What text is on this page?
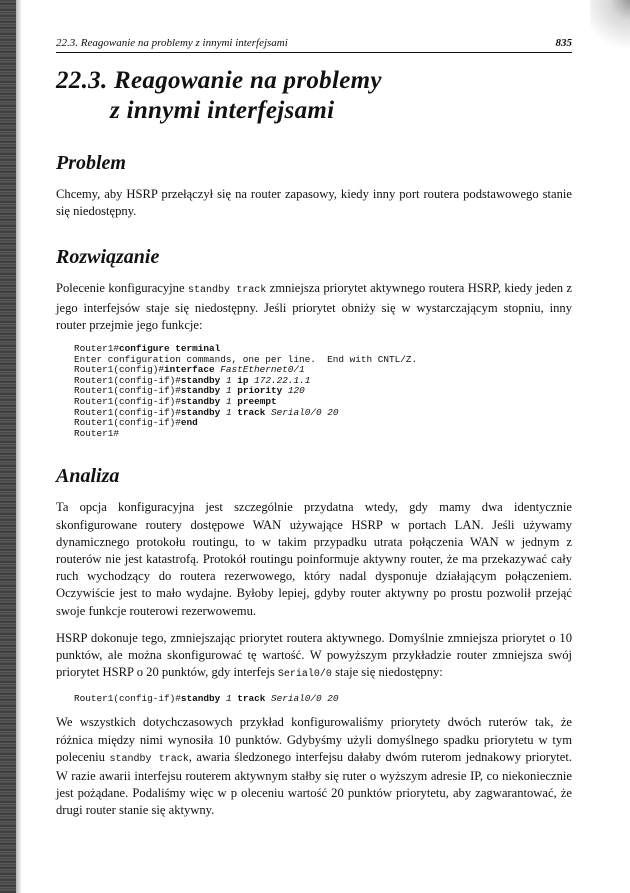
22.3. Reagowanie na problemy z innymi interfejsami	835
22.3. Reagowanie na problemy
z innymi interfejsami
Problem

Chcemy, aby HSRP przełączył się na router zapasowy, kiedy inny port routera podstawowego stanie się niedostępny.

Rozwiązanie

Polecenie konfiguracyjne standby track zmniejsza priorytet aktywnego routera HSRP, kiedy jeden z jego interfejsów staje się niedostępny. Jeśli priorytet obniży się w wystarczającym stopniu, inny router przejmie jego funkcje:

Router1#configure terminal
Enter configuration commands, one per line.  End with CNTL/Z.
Router1(config)#interface FastEthernet0/1
Router1(config-if)#standby 1 ip 172.22.1.1
Router1(config-if)#standby 1 priority 120
Router1(config-if)#standby 1 preempt
Router1(config-if)#standby 1 track Serial0/0 20
Router1(config-if)#end
Router1#
Analiza

Ta opcja konfiguracyjna jest szczególnie przydatna wtedy, gdy mamy dwa identycznie skonfigurowane routery dostępowe WAN używające HSRP w portach LAN. Jeśli używamy dynamicznego protokołu routingu, to w takim przypadku utrata połączenia WAN w jednym z routerów nie jest katastrofą. Protokół routingu poinformuje aktywny router, że ma przekazywać cały ruch wychodzący do routera rezerwowego, który nadal dysponuje działającym połączeniem. Oczywiście jest to mało wydajne. Byłoby lepiej, gdyby router aktywny po prostu pozwolił przejąć swoje funkcje routerowi rezerwowemu.

HSRP dokonuje tego, zmniejszając priorytet routera aktywnego. Domyślnie zmniejsza priorytet o 10 punktów, ale można skonfigurować tę wartość. W powyższym przykładzie router zmniejsza swój priorytet HSRP o 20 punktów, gdy interfejs Serial0/0 staje się niedostępny:

Router1(config-if)#standby 1 track Serial0/0 20

We wszystkich dotychczasowych przykład konfigurowaliśmy priorytety dwóch ruterów tak, że różnica między nimi wynosiła 10 punktów. Gdybyśmy użyli domyślnego spadku priorytetu w tym poleceniu standby track, awaria śledzonego interfejsu dałaby dwóm ruterom jednakowy priorytet. W razie awarii interfejsu routerem aktywnym stałby się ruter o wyższym adresie IP, co niekoniecznie jest pożądane. Podaliśmy więc w p oleceniu wartość 20 punktów priorytetu, aby zagwarantować, że drugi router stanie się aktywny.
